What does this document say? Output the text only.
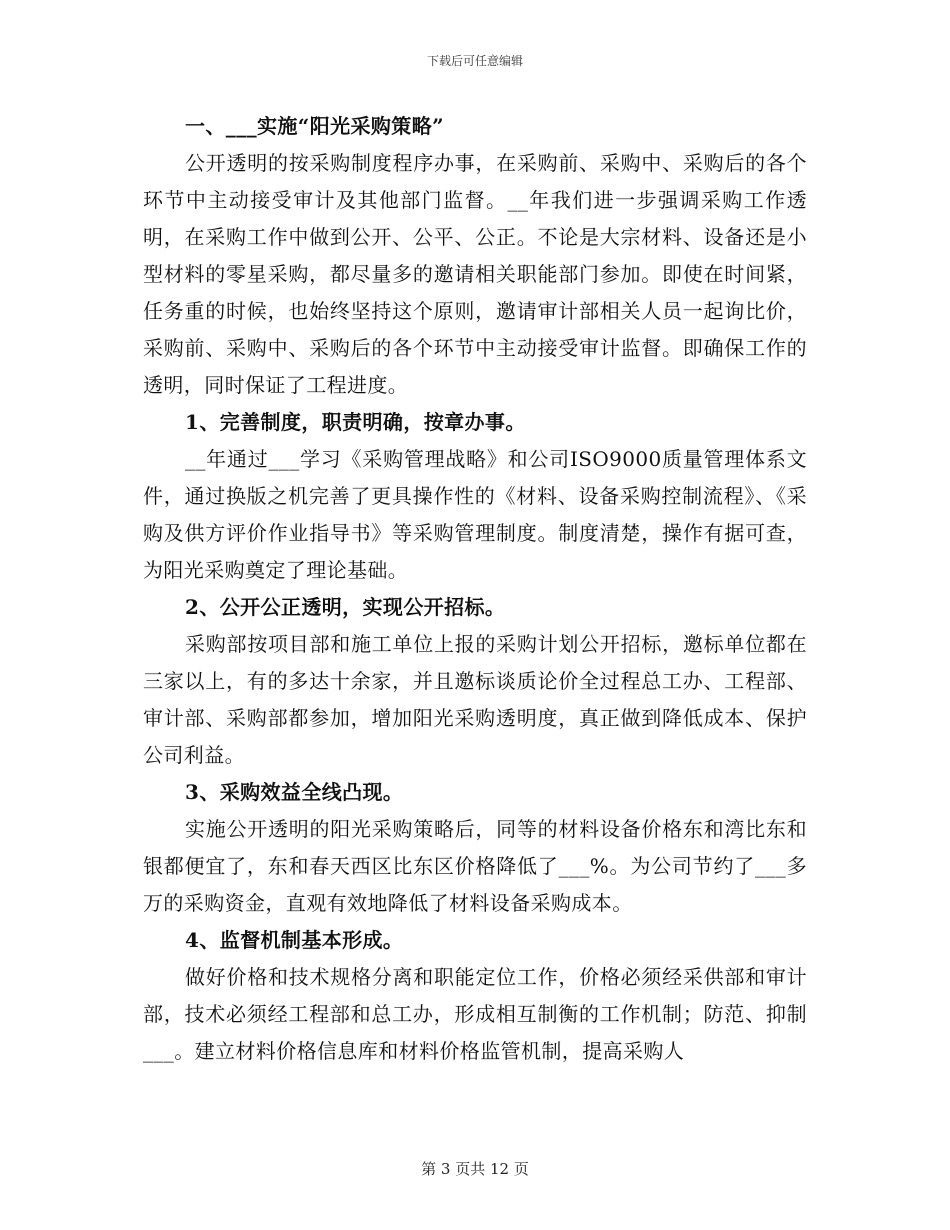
下载后可任意编辑

一、___实施“阳光采购策略”

公开透明的按采购制度程序办事，在采购前、采购中、采购后的各个环节中主动接受审计及其他部门监督。__年我们进一步强调采购工作透明，在采购工作中做到公开、公平、公正。不论是大宗材料、设备还是小型材料的零星采购，都尽量多的邀请相关职能部门参加。即使在时间紧，任务重的时候，也始终坚持这个原则，邀请审计部相关人员一起询比价，采购前、采购中、采购后的各个环节中主动接受审计监督。即确保工作的透明，同时保证了工程进度。

1、完善制度，职责明确，按章办事。

__年通过___学习《采购管理战略》和公司ISO9000质量管理体系文件，通过换版之机完善了更具操作性的《材料、设备采购控制流程》、《采购及供方评价作业指导书》等采购管理制度。制度清楚，操作有据可查，为阳光采购奠定了理论基础。

2、公开公正透明，实现公开招标。

采购部按项目部和施工单位上报的采购计划公开招标，邀标单位都在三家以上，有的多达十余家，并且邀标谈质论价全过程总工办、工程部、审计部、采购部都参加，增加阳光采购透明度，真正做到降低成本、保护公司利益。

3、采购效益全线凸现。

实施公开透明的阳光采购策略后，同等的材料设备价格东和湾比东和银都便宜了，东和春天西区比东区价格降低了___%。为公司节约了___多万的采购资金，直观有效地降低了材料设备采购成本。

4、监督机制基本形成。

做好价格和技术规格分离和职能定位工作，价格必须经采供部和审计部，技术必须经工程部和总工办，形成相互制衡的工作机制；防范、抑制___。建立材料价格信息库和材料价格监管机制，提高采购人

第 3 页共 12 页
